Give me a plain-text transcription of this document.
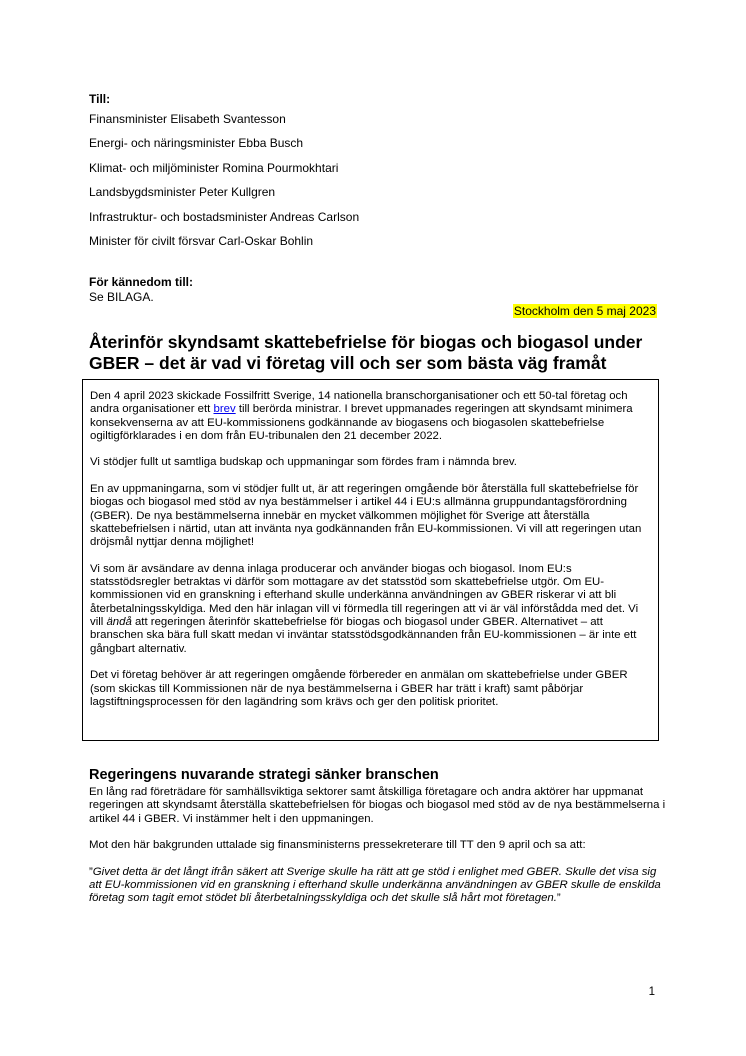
Till:
Finansminister Elisabeth Svantesson
Energi- och näringsminister Ebba Busch
Klimat- och miljöminister Romina Pourmokhtari
Landsbygdsminister Peter Kullgren
Infrastruktur- och bostadsminister Andreas Carlson
Minister för civilt försvar Carl-Oskar Bohlin
För kännedom till:
Se BILAGA.
Stockholm den 5 maj 2023
Återinför skyndsamt skattebefrielse för biogas och biogasol under GBER – det är vad vi företag vill och ser som bästa väg framåt

Den 4 april 2023 skickade Fossilfritt Sverige, 14 nationella branschorganisationer och ett 50-tal företag och andra organisationer ett brev till berörda ministrar. I brevet uppmanades regeringen att skyndsamt minimera konsekvenserna av att EU-kommissionens godkännande av biogasens och biogasolen skattebefrielse ogiltigförklarades i en dom från EU-tribunalen den 21 december 2022.

Vi stödjer fullt ut samtliga budskap och uppmaningar som fördes fram i nämnda brev.

En av uppmaningarna, som vi stödjer fullt ut, är att regeringen omgående bör återställa full skattebefrielse för biogas och biogasol med stöd av nya bestämmelser i artikel 44 i EU:s allmänna gruppundantagsförordning (GBER). De nya bestämmelserna innebär en mycket välkommen möjlighet för Sverige att återställa skattebefrielsen i närtid, utan att invänta nya godkännanden från EU-kommissionen. Vi vill att regeringen utan dröjsmål nyttjar denna möjlighet!

Vi som är avsändare av denna inlaga producerar och använder biogas och biogasol. Inom EU:s statsstödsregler betraktas vi därför som mottagare av det statsstöd som skattebefrielse utgör. Om EU-kommissionen vid en granskning i efterhand skulle underkänna användningen av GBER riskerar vi att bli återbetalningsskyldiga. Med den här inlagan vill vi förmedla till regeringen att vi är väl införstådda med det. Vi vill ändå att regeringen återinför skattebefrielse för biogas och biogasol under GBER. Alternativet – att branschen ska bära full skatt medan vi inväntar statsstödsgodkännanden från EU-kommissionen – är inte ett gångbart alternativ.

Det vi företag behöver är att regeringen omgående förbereder en anmälan om skattebefrielse under GBER (som skickas till Kommissionen när de nya bestämmelserna i GBER har trätt i kraft) samt påbörjar lagstiftningsprocessen för den lagändring som krävs och ger den politisk prioritet.

Regeringens nuvarande strategi sänker branschen

En lång rad företrädare för samhällsviktiga sektorer samt åtskilliga företagare och andra aktörer har uppmanat regeringen att skyndsamt återställa skattebefrielsen för biogas och biogasol med stöd av de nya bestämmelserna i artikel 44 i GBER. Vi instämmer helt i den uppmaningen.

Mot den här bakgrunden uttalade sig finansministerns pressekreterare till TT den 9 april och sa att:

”Givet detta är det långt ifrån säkert att Sverige skulle ha rätt att ge stöd i enlighet med GBER. Skulle det visa sig att EU-kommissionen vid en granskning i efterhand skulle underkänna användningen av GBER skulle de enskilda företag som tagit emot stödet bli återbetalningsskyldiga och det skulle slå hårt mot företagen.”

1
